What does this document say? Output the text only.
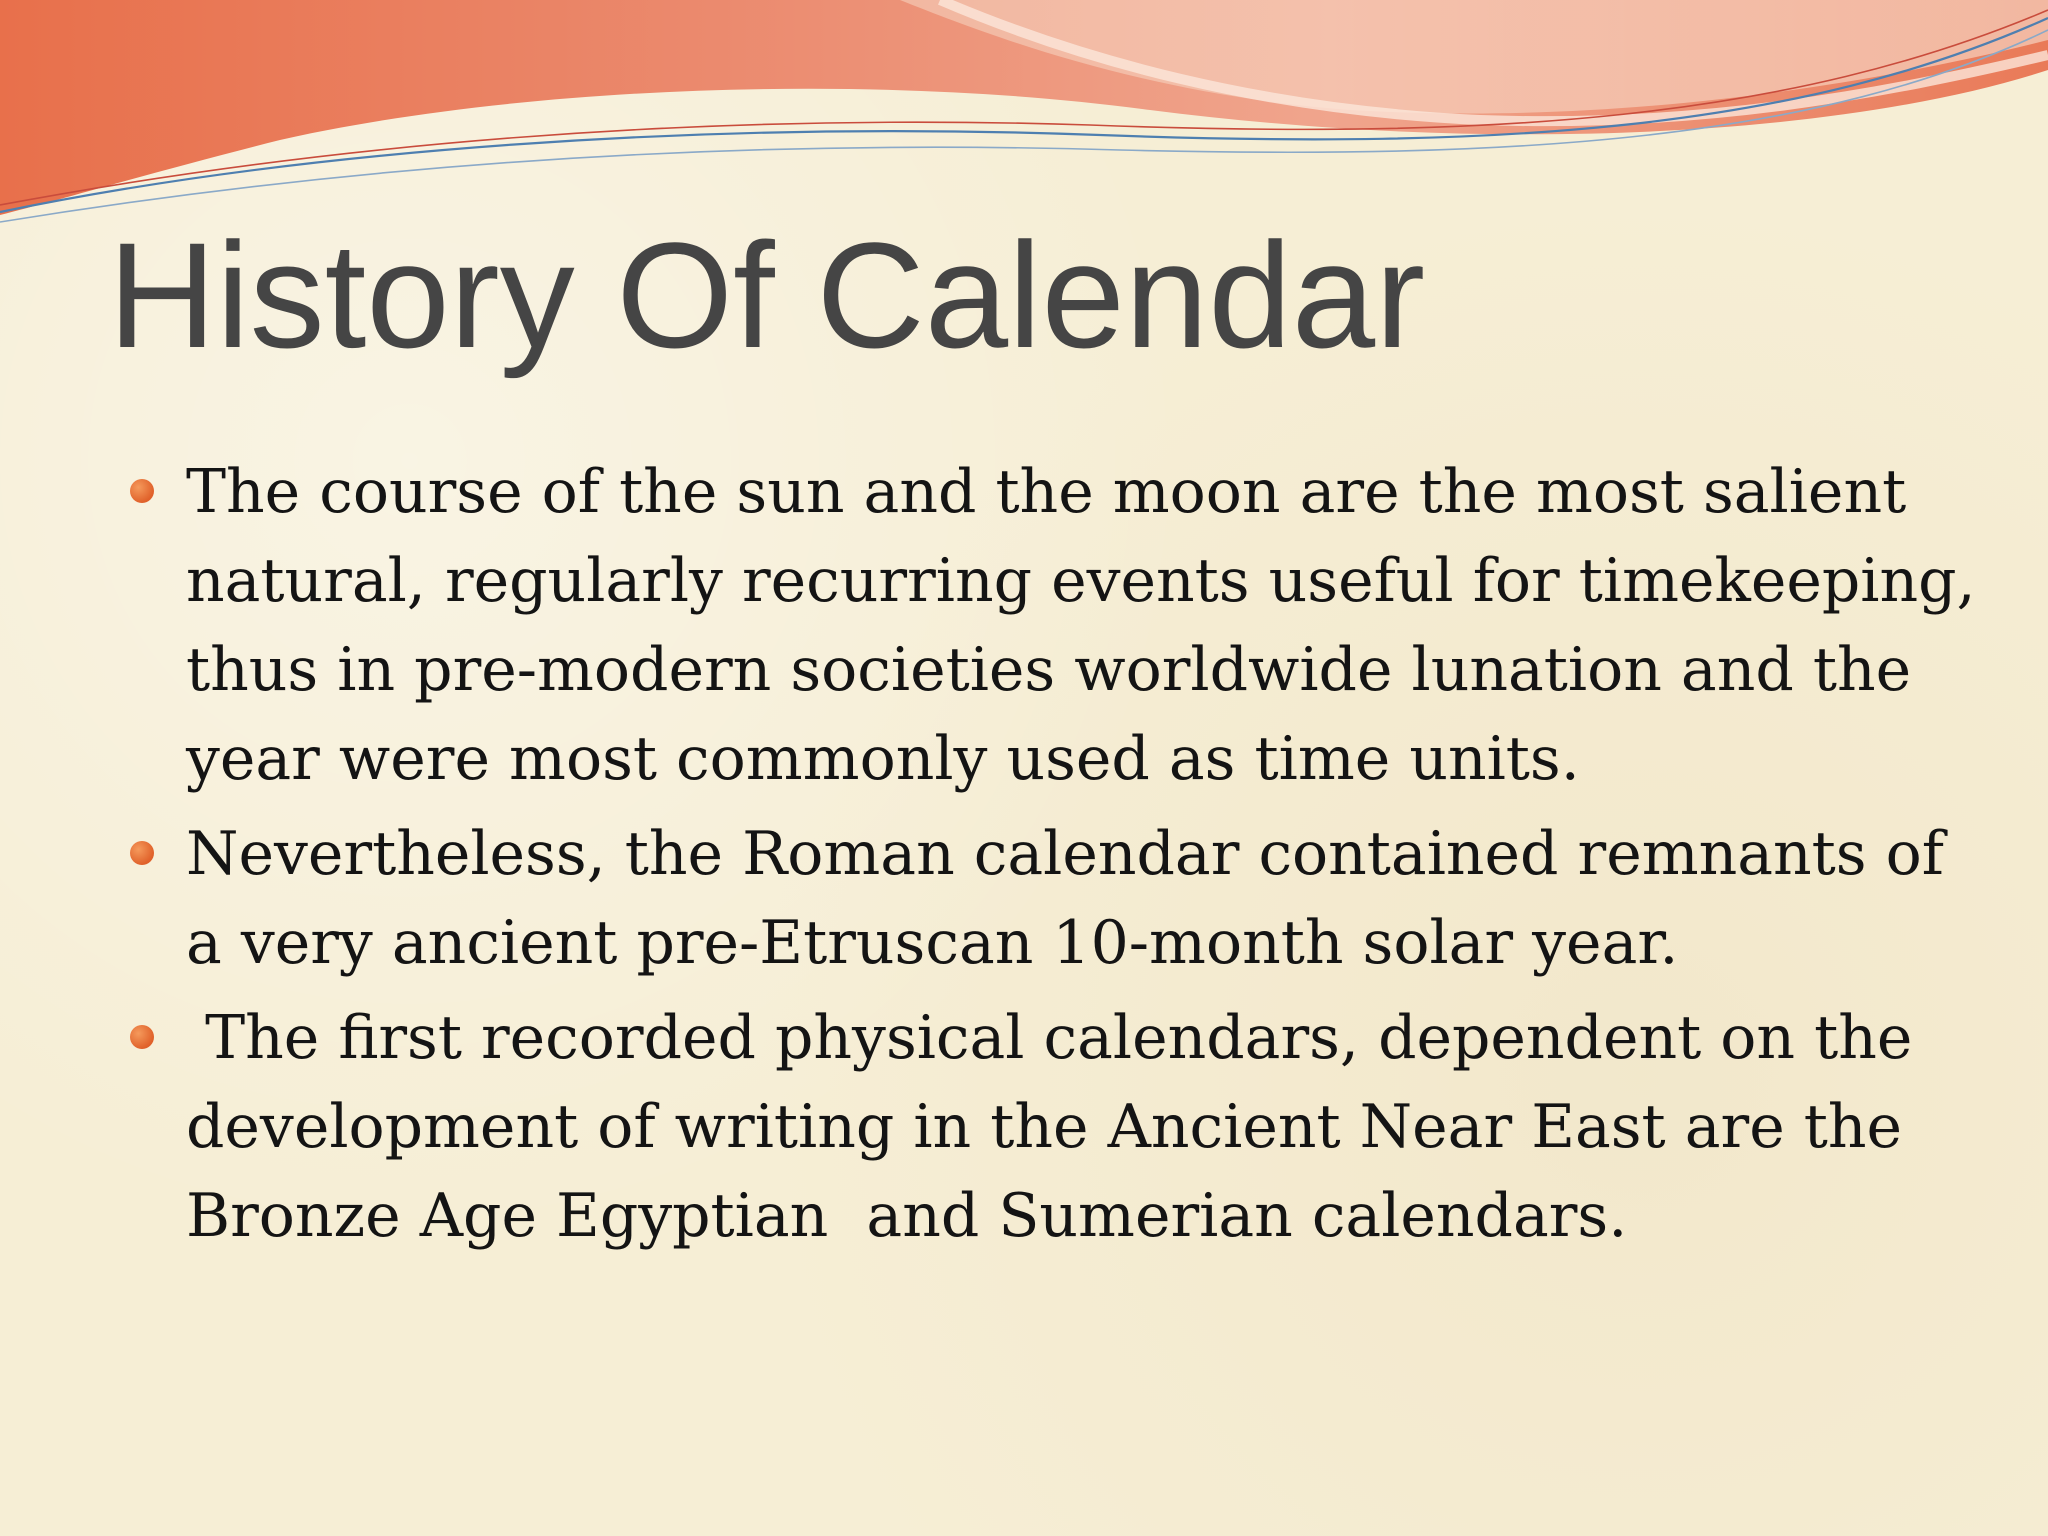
History Of Calendar
The course of the sun and the moon are the most salient natural, regularly recurring events useful for timekeeping, thus in pre-modern societies worldwide lunation and the year were most commonly used as time units.
Nevertheless, the Roman calendar contained remnants of a very ancient pre-Etruscan 10-month solar year.
The first recorded physical calendars, dependent on the development of writing in the Ancient Near East are the Bronze Age Egyptian  and Sumerian calendars.
